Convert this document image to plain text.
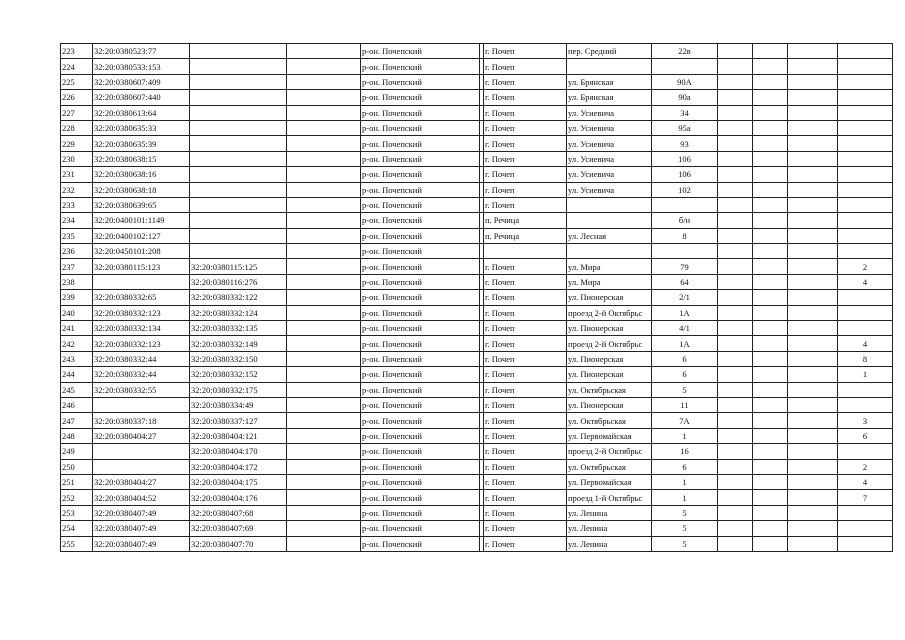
223	32:20:0380523:77			р-он. Почепский		г. Почеп	пер. Средний	22в				
224	32:20:0380533:153			р-он. Почепский		г. Почеп						
225	32:20:0380607:409			р-он. Почепский		г. Почеп	ул. Брянская	90А				
226	32:20:0380607:440			р-он. Почепский		г. Почеп	ул. Брянская	90а				
227	32:20:0380613:64			р-он. Почепский		г. Почеп	ул. Усиевича	34				
228	32:20:0380635:33			р-он. Почепский		г. Почеп	ул. Усиевича	95а				
229	32:20:0380635:39			р-он. Почепский		г. Почеп	ул. Усиевича	93				
230	32:20:0380638:15			р-он. Почепский		г. Почеп	ул. Усиевича	106				
231	32:20:0380638:16			р-он. Почепский		г. Почеп	ул. Усиевича	106				
232	32:20:0380638:18			р-он. Почепский		г. Почеп	ул. Усиевича	102				
233	32:20:0380639:65			р-он. Почепский		г. Почеп						
234	32:20:0400101:1149			р-он. Почепский		п. Речица		б/н				
235	32:20:0400102:127			р-он. Почепский		п. Речица	ул. Лесная	8				
236	32:20:0450101:208			р-он. Почепский								
237	32:20:0380115:123	32:20:0380115:125		р-он. Почепский		г. Почеп	ул. Мира	79				2
238		32:20:0380116:276		р-он. Почепский		г. Почеп	ул. Мира	64				4
239	32:20:0380332:65	32:20:0380332:122		р-он. Почепский		г. Почеп	ул. Пионерская	2/1				
240	32:20:0380332:123	32:20:0380332:124		р-он. Почепский		г. Почеп	проезд 2-й Октябрьс	1А				
241	32:20:0380332:134	32:20:0380332:135		р-он. Почепский		г. Почеп	ул. Пионерская	4/1				
242	32:20:0380332:123	32:20:0380332:149		р-он. Почепский		г. Почеп	проезд 2-й Октябрьс	1А				4
243	32:20:0380332:44	32:20:0380332:150		р-он. Почепский		г. Почеп	ул. Пионерская	6				8
244	32:20:0380332:44	32:20:0380332:152		р-он. Почепский		г. Почеп	ул. Пионерская	6				1
245	32:20:0380332:55	32:20:0380332:175		р-он. Почепский		г. Почеп	ул. Октябрьская	5				
246		32:20:0380334:49		р-он. Почепский		г. Почеп	ул. Пионерская	11				
247	32:20:0380337:18	32:20:0380337:127		р-он. Почепский		г. Почеп	ул. Октябрьская	7А				3
248	32:20:0380404:27	32:20:0380404:121		р-он. Почепский		г. Почеп	ул. Первомайская	1				6
249		32:20:0380404:170		р-он. Почепский		г. Почеп	проезд 2-й Октябрьс	16				
250		32:20:0380404:172		р-он. Почепский		г. Почеп	ул. Октябрьская	6				2
251	32:20:0380404:27	32:20:0380404:175		р-он. Почепский		г. Почеп	ул. Первомайская	1				4
252	32:20:0380404:52	32:20:0380404:176		р-он. Почепский		г. Почеп	проезд 1-й Октябрьс	1				7
253	32:20:0380407:49	32:20:0380407:68		р-он. Почепский		г. Почеп	ул. Ленина	5				
254	32:20:0380407:49	32:20:0380407:69		р-он. Почепский		г. Почеп	ул. Ленина	5				
255	32:20:0380407:49	32:20:0380407:70		р-он. Почепский		г. Почеп	ул. Ленина	5				
